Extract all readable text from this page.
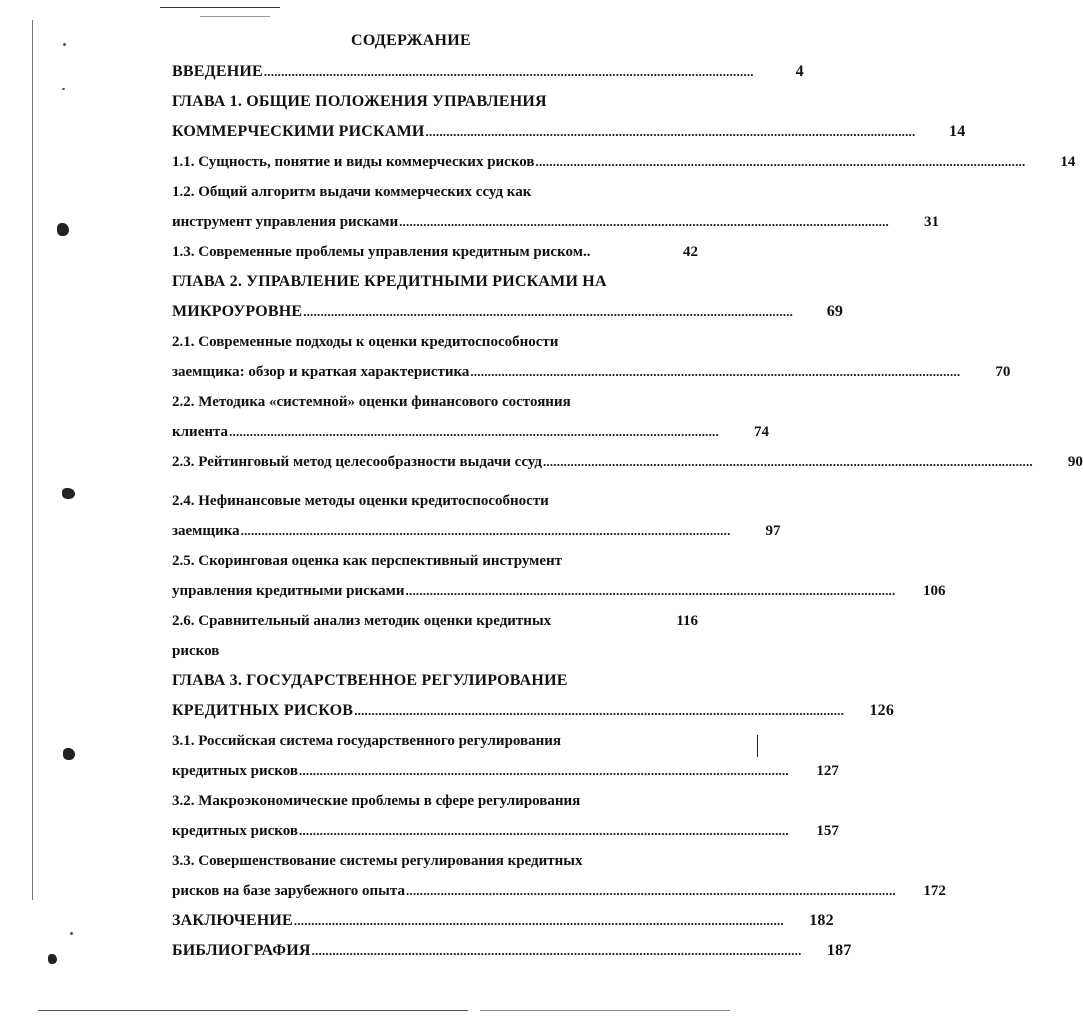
СОДЕРЖАНИЕ
ВВЕДЕНИЕ ..............................................................................................................................................	4
ГЛАВА 1. ОБЩИЕ ПОЛОЖЕНИЯ УПРАВЛЕНИЯ
КОММЕРЧЕСКИМИ РИСКАМИ ..............................................................................................................................................	14
1.1. Сущность, понятие и виды коммерческих рисков ..............................................................................................................................................	14
1.2. Общий алгоритм выдачи коммерческих ссуд как
инструмент управления рисками ..............................................................................................................................................	31
1.3. Современные проблемы управления кредитным риском..	42
ГЛАВА 2. УПРАВЛЕНИЕ КРЕДИТНЫМИ РИСКАМИ НА
МИКРОУРОВНЕ ..............................................................................................................................................	69
2.1. Современные подходы к оценки кредитоспособности
заемщика: обзор и краткая характеристика ..............................................................................................................................................	70
2.2. Методика «системной» оценки финансового состояния
клиента ..............................................................................................................................................	74
2.3. Рейтинговый метод целесообразности выдачи ссуд ..............................................................................................................................................	90
2.4. Нефинансовые методы оценки кредитоспособности
заемщика ..............................................................................................................................................	97
2.5. Скоринговая оценка как перспективный инструмент
управления кредитными рисками ..............................................................................................................................................	106
2.6. Сравнительный анализ методик оценки кредитных	116
рисков
ГЛАВА 3. ГОСУДАРСТВЕННОЕ РЕГУЛИРОВАНИЕ
КРЕДИТНЫХ РИСКОВ ..............................................................................................................................................	126
3.1. Российская система государственного регулирования
кредитных рисков ..............................................................................................................................................	127
3.2. Макроэкономические проблемы в сфере регулирования
кредитных рисков ..............................................................................................................................................	157
3.3. Совершенствование системы регулирования кредитных
рисков на базе зарубежного опыта ..............................................................................................................................................	172
ЗАКЛЮЧЕНИЕ ..............................................................................................................................................	182
БИБЛИОГРАФИЯ ..............................................................................................................................................	187
